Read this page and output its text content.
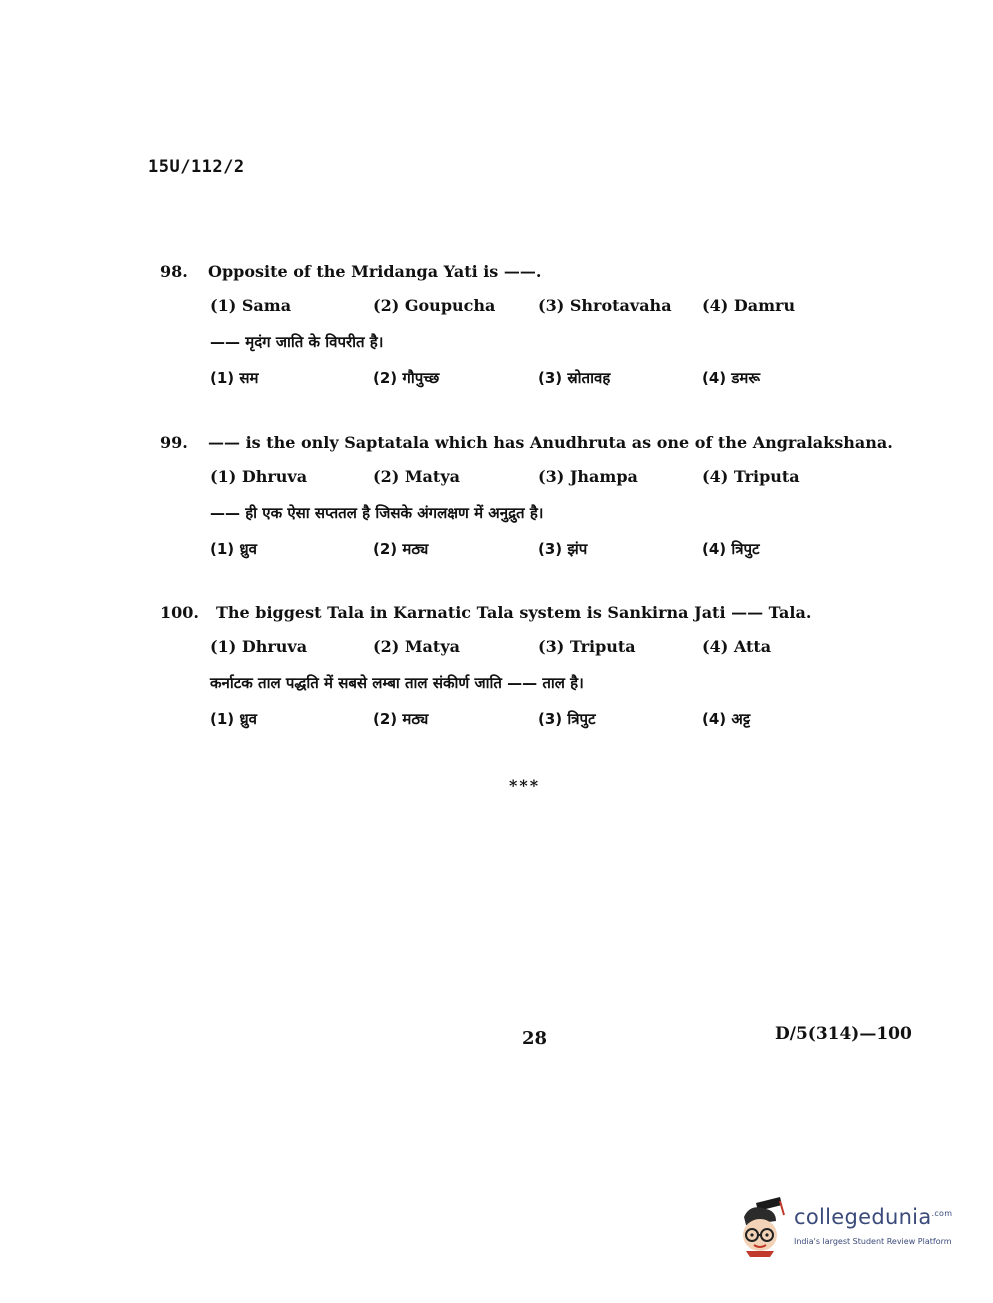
15U/112/2
98. Opposite of the Mridanga Yati is ——.
(1) Sama	(2) Goupucha	(3) Shrotavaha (4) Damru
—— मृदंग जाति के विपरीत है।
(1) सम	(2) गौपुच्छ	(3) स्रोतावह	(4) डमरू
99. —— is the only Saptatala which has Anudhruta as one of the Angralakshana.
(1) Dhruva	(2) Matya	(3) Jhampa	(4) Triputa
—— ही एक ऐसा सप्ततल है जिसके अंगलक्षण में अनुद्रुत है।
(1) ध्रुव	(2) मठ्य	(3) झंप	(4) त्रिपुट
100. The biggest Tala in Karnatic Tala system is Sankirna Jati —— Tala.
(1) Dhruva	(2) Matya	(3) Triputa	(4) Atta
कर्नाटक ताल पद्धति में सबसे लम्बा ताल संकीर्ण जाति —— ताल है।
(1) ध्रुव	(2) मठ्य	(3) त्रिपुट	(4) अट्ट
***
28	D/5(314)—100
collegedunia$^{.com}$
India's largest Student Review Platform
